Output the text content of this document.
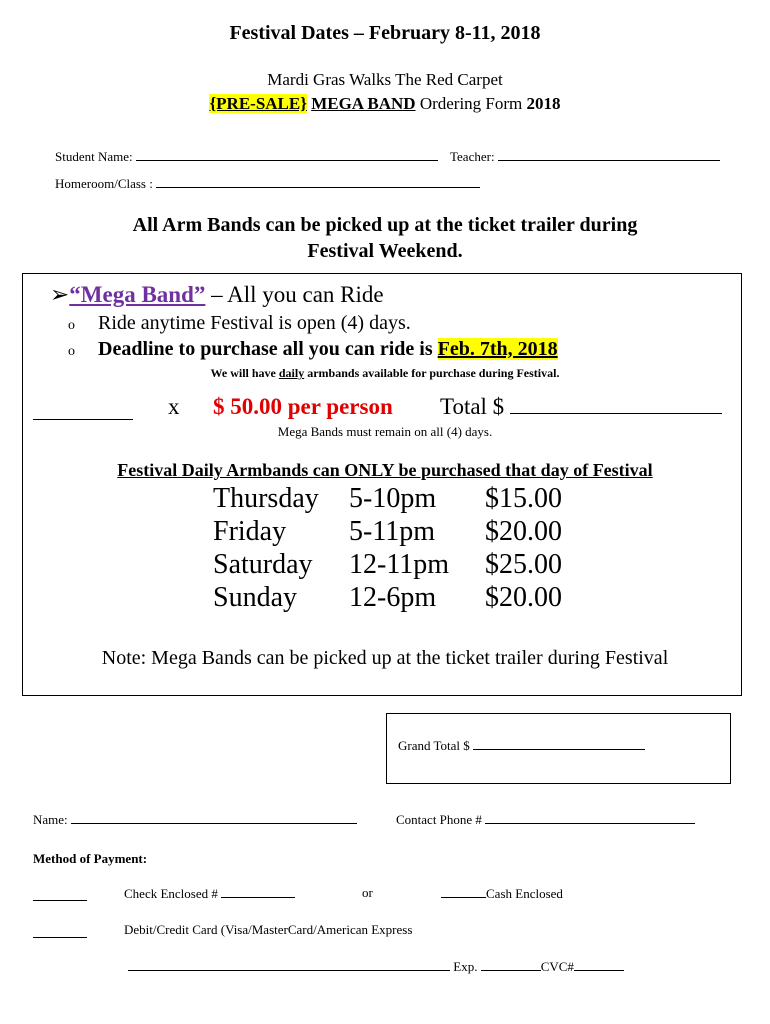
Festival Dates – February 8-11, 2018
Mardi Gras Walks The Red Carpet
{PRE-SALE} MEGA BAND Ordering Form 2018
Student Name:	Teacher:
Homeroom/Class :
All Arm Bands can be picked up at the ticket trailer during
Festival Weekend.
➢“Mega Band” – All you can Ride
o Ride anytime Festival is open (4) days.
o Deadline to purchase all you can ride is Feb. 7th, 2018
We will have daily armbands available for purchase during Festival.
x $ 50.00 per person Total $
Mega Bands must remain on all (4) days.
Festival Daily Armbands can ONLY be purchased that day of Festival
Thursday 5-10pm $15.00
Friday 5-11pm $20.00
Saturday 12-11pm $25.00
Sunday 12-6pm $20.00
Note: Mega Bands can be picked up at the ticket trailer during Festival
Grand Total $
Name:	Contact Phone #
Method of Payment:
Check Enclosed #	or	Cash Enclosed
Debit/Credit Card (Visa/MasterCard/American Express
Exp.	CVC#
